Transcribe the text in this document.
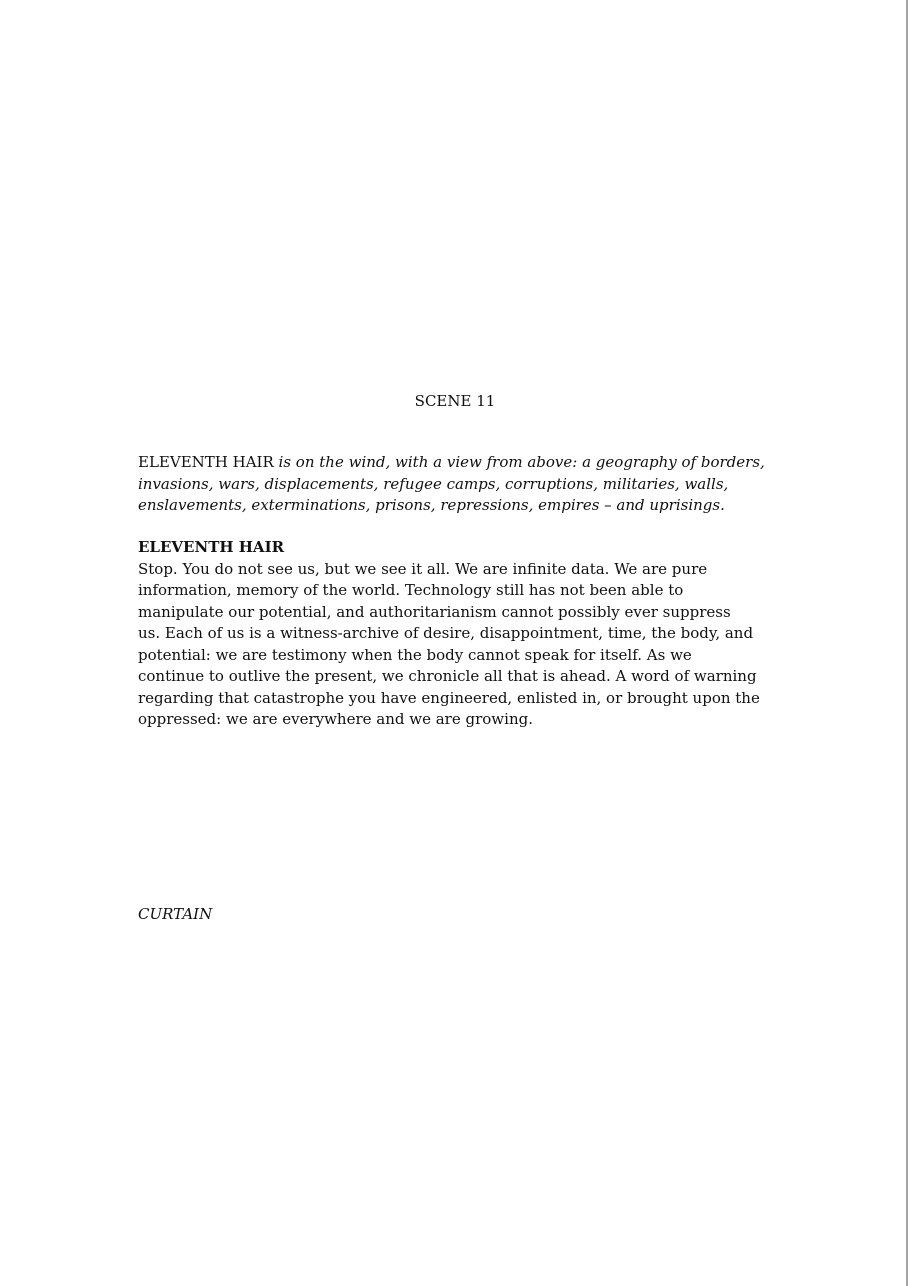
SCENE 11
ELEVENTH HAIR is on the wind, with a view from above: a geography of borders,
invasions, wars, displacements, refugee camps, corruptions, militaries, walls,
enslavements, exterminations, prisons, repressions, empires – and uprisings.
ELEVENTH HAIR
Stop. You do not see us, but we see it all. We are infinite data. We are pure
information, memory of the world. Technology still has not been able to
manipulate our potential, and authoritarianism cannot possibly ever suppress
us. Each of us is a witness-archive of desire, disappointment, time, the body, and
potential: we are testimony when the body cannot speak for itself. As we
continue to outlive the present, we chronicle all that is ahead. A word of warning
regarding that catastrophe you have engineered, enlisted in, or brought upon the
oppressed: we are everywhere and we are growing.
CURTAIN
